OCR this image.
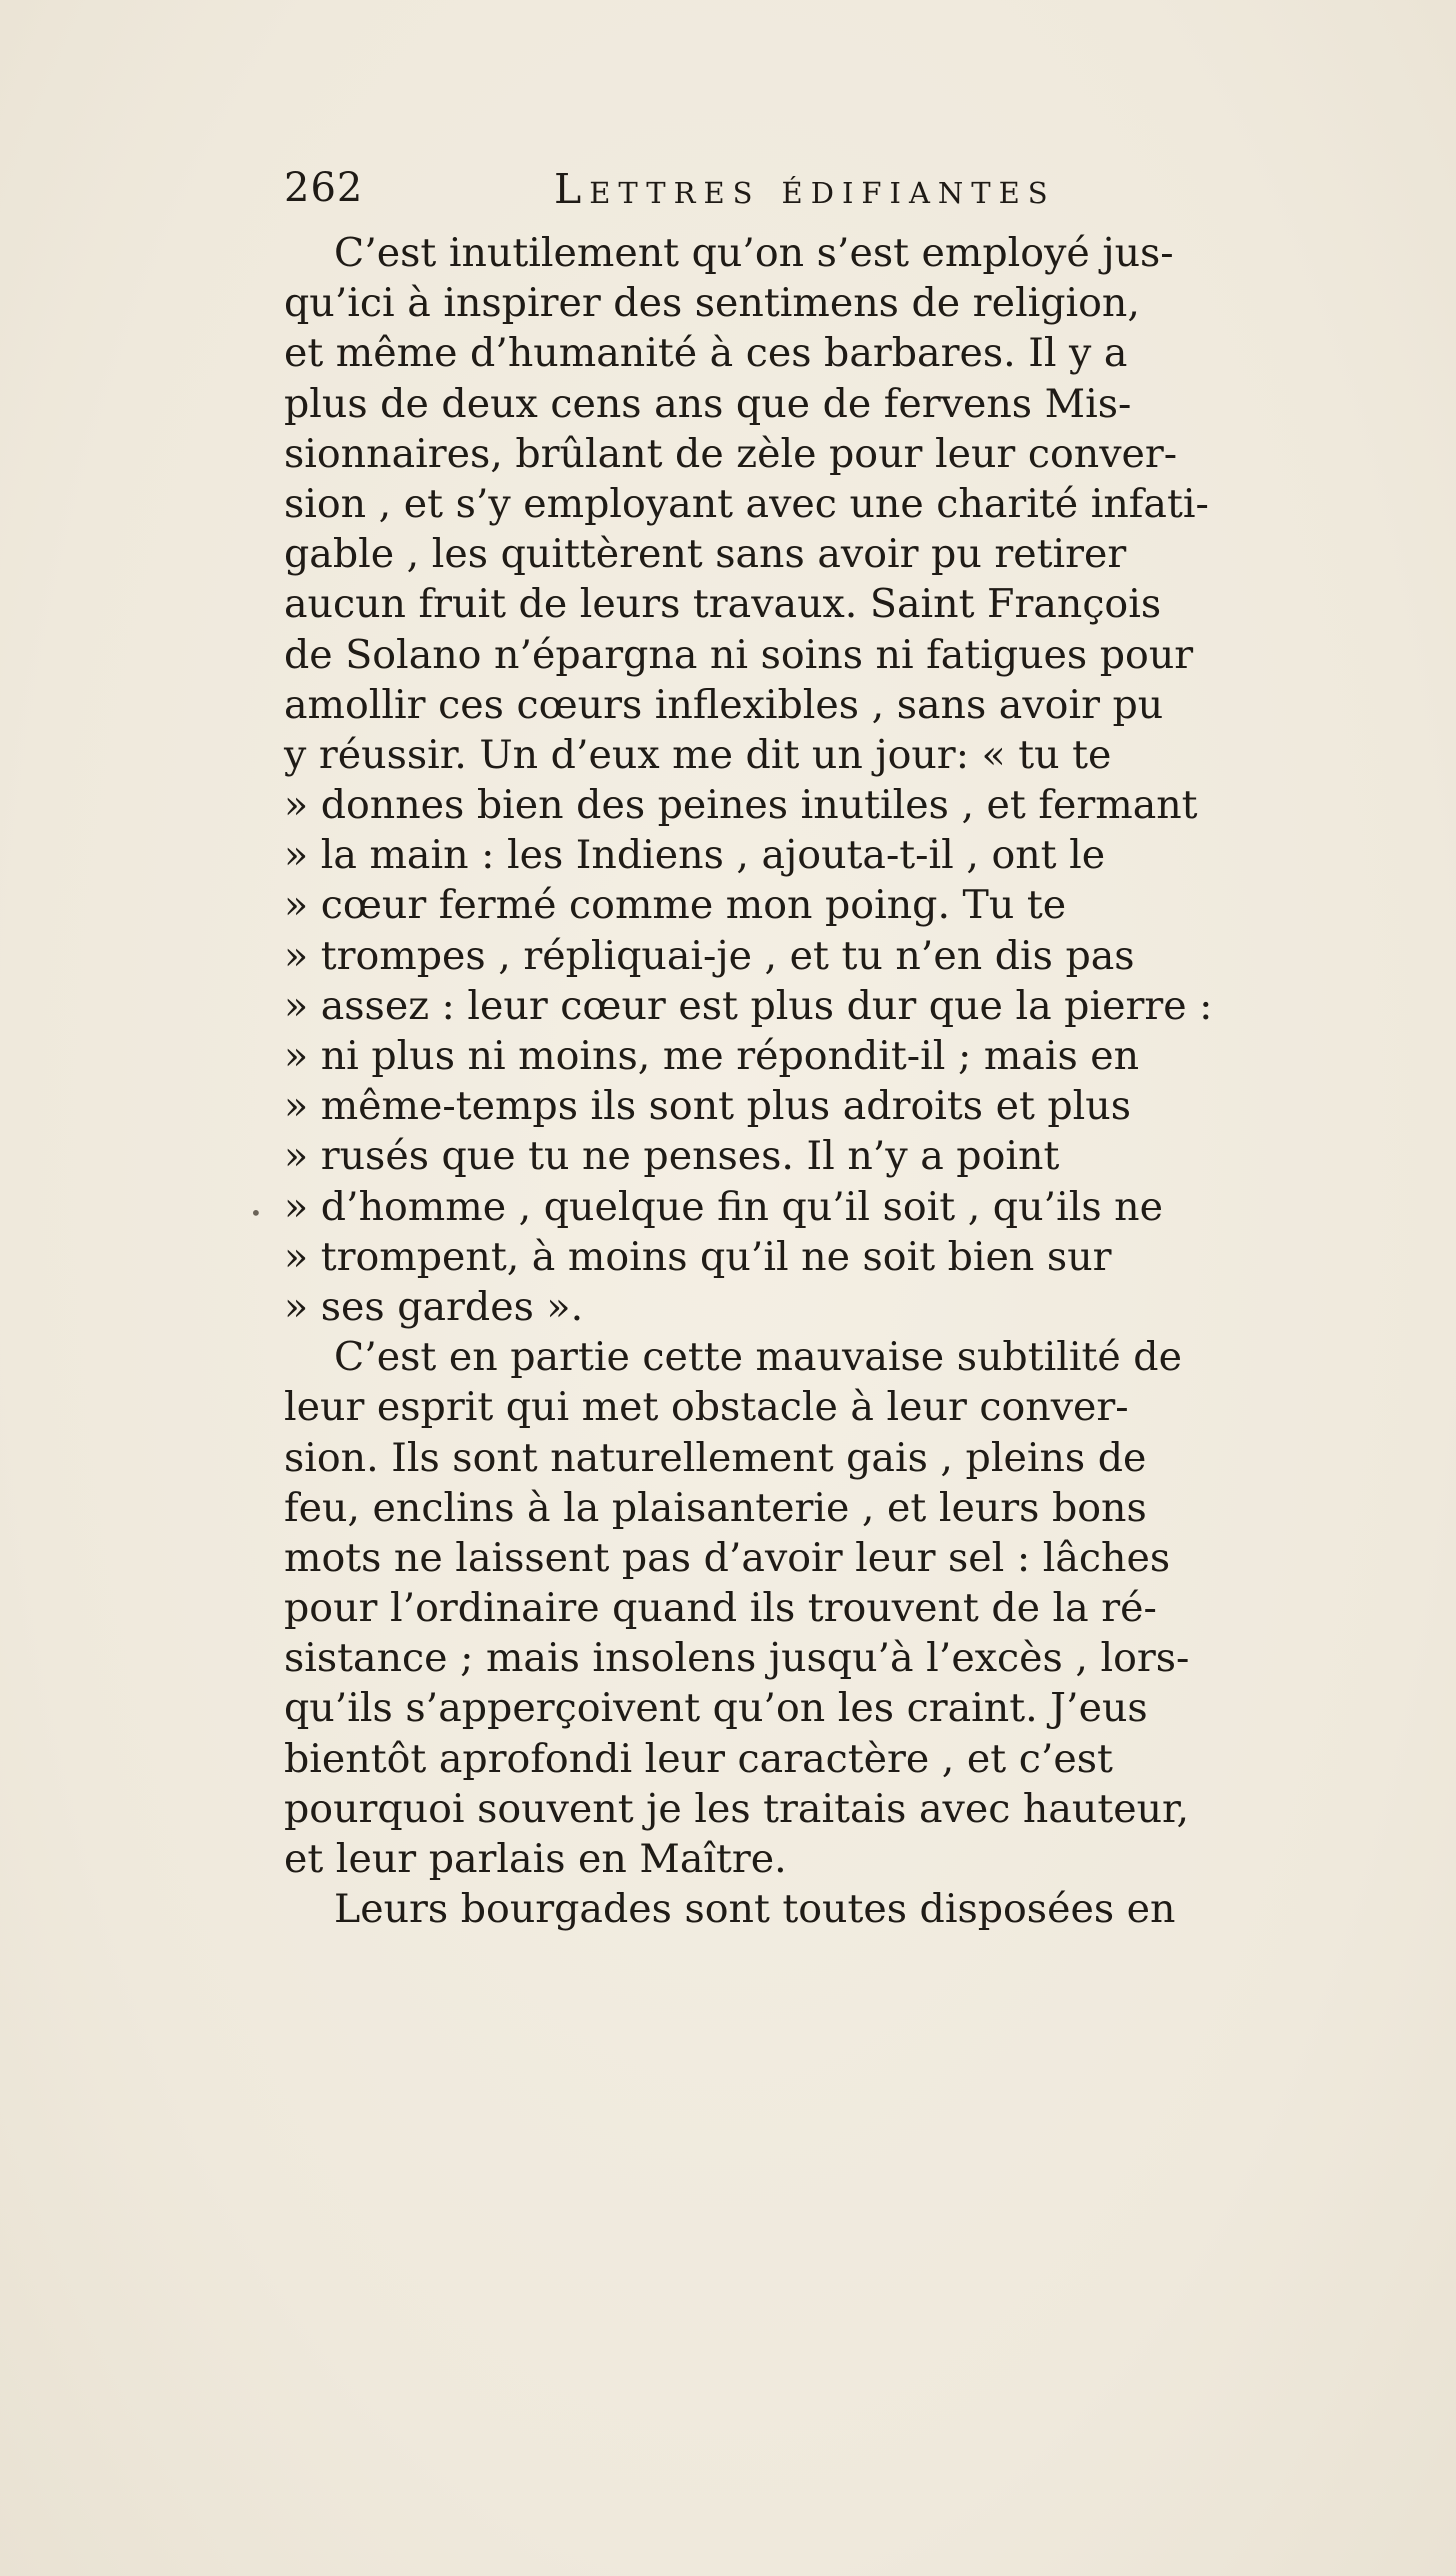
262	Lettres édifiantes
•
C’est inutilement qu’on s’est employé jus-
qu’ici à inspirer des sentimens de religion,
et même d’humanité à ces barbares. Il y a
plus de deux cens ans que de fervens Mis-
sionnaires, brûlant de zèle pour leur conver-
sion , et s’y employant avec une charité infati-
gable , les quittèrent sans avoir pu retirer
aucun fruit de leurs travaux. Saint François
de Solano n’épargna ni soins ni fatigues pour
amollir ces cœurs inflexibles , sans avoir pu
y réussir. Un d’eux me dit un jour: « tu te
» donnes bien des peines inutiles , et fermant
» la main : les Indiens , ajouta-t-il , ont le
» cœur fermé comme mon poing. Tu te
» trompes , répliquai-je , et tu n’en dis pas
» assez : leur cœur est plus dur que la pierre :
» ni plus ni moins, me répondit-il ; mais en
» même-temps ils sont plus adroits et plus
» rusés que tu ne penses. Il n’y a point
» d’homme , quelque fin qu’il soit , qu’ils ne
» trompent, à moins qu’il ne soit bien sur
» ses gardes ».
C’est en partie cette mauvaise subtilité de
leur esprit qui met obstacle à leur conver-
sion. Ils sont naturellement gais , pleins de
feu, enclins à la plaisanterie , et leurs bons
mots ne laissent pas d’avoir leur sel : lâches
pour l’ordinaire quand ils trouvent de la ré-
sistance ; mais insolens jusqu’à l’excès , lors-
qu’ils s’apperçoivent qu’on les craint. J’eus
bientôt aprofondi leur caractère , et c’est
pourquoi souvent je les traitais avec hauteur,
et leur parlais en Maître.
Leurs bourgades sont toutes disposées en
